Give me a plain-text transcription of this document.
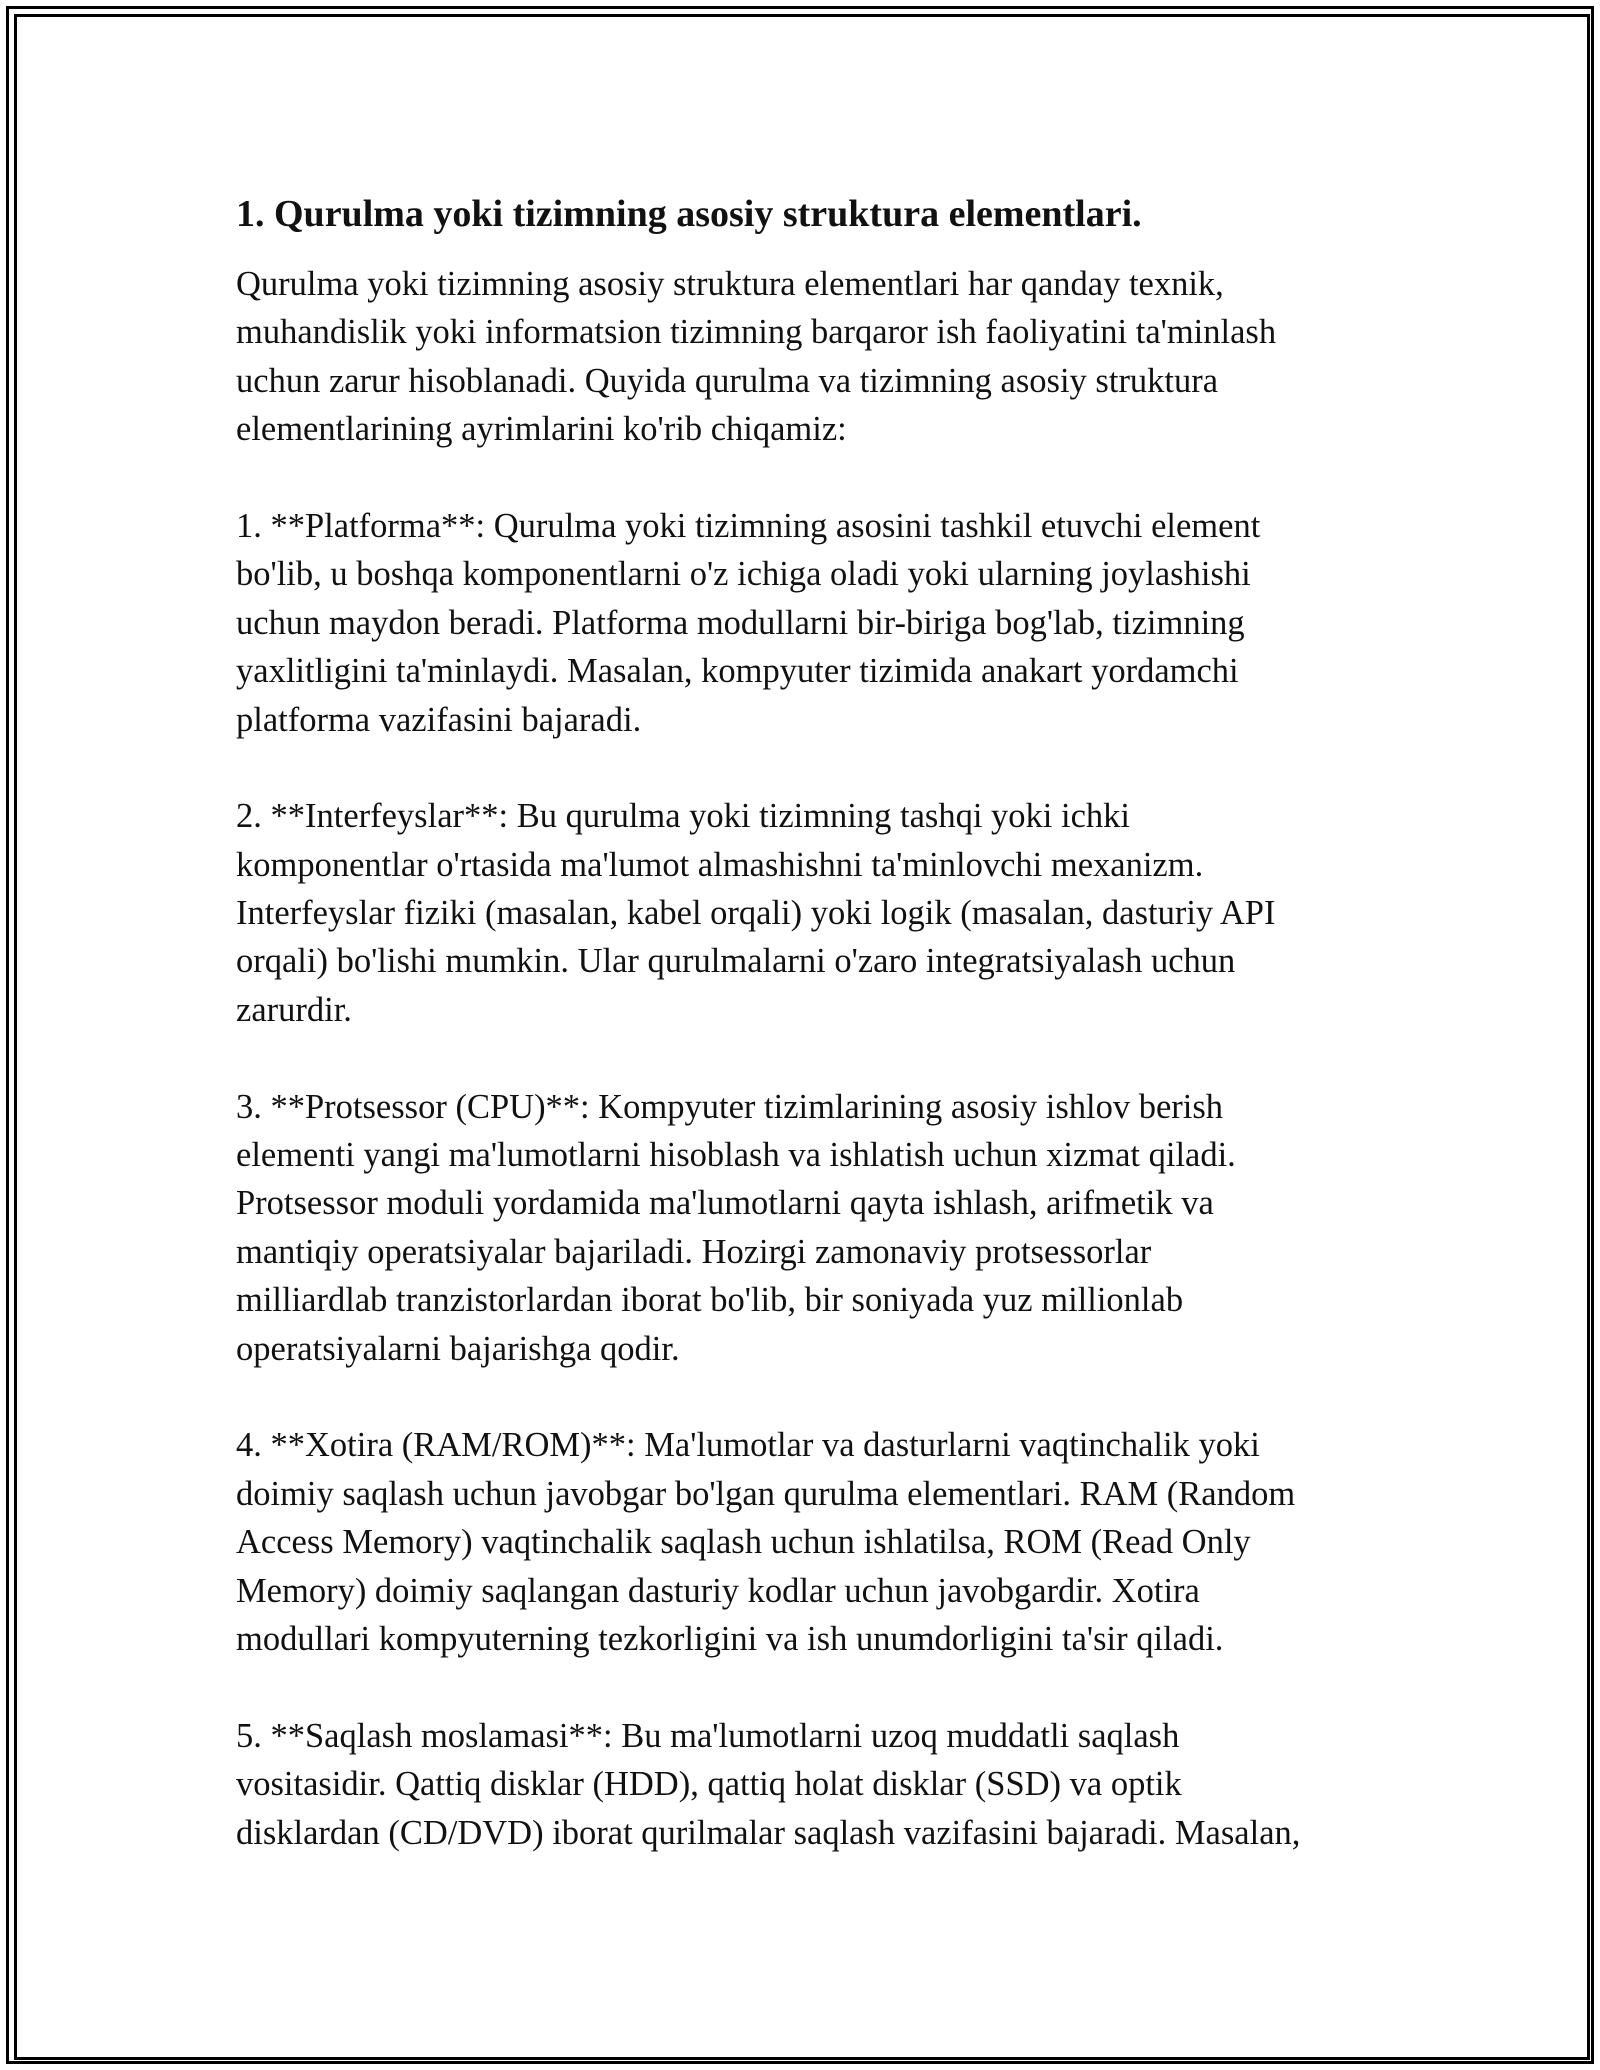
1. Qurulma yoki tizimning asosiy struktura elementlari.
Qurulma yoki tizimning asosiy struktura elementlari har qanday texnik,
muhandislik yoki informatsion tizimning barqaror ish faoliyatini ta'minlash
uchun zarur hisoblanadi. Quyida qurulma va tizimning asosiy struktura
elementlarining ayrimlarini ko'rib chiqamiz:
1. **Platforma**: Qurulma yoki tizimning asosini tashkil etuvchi element
bo'lib, u boshqa komponentlarni o'z ichiga oladi yoki ularning joylashishi
uchun maydon beradi. Platforma modullarni bir-biriga bog'lab, tizimning
yaxlitligini ta'minlaydi. Masalan, kompyuter tizimida anakart yordamchi
platforma vazifasini bajaradi.
2. **Interfeyslar**: Bu qurulma yoki tizimning tashqi yoki ichki
komponentlar o'rtasida ma'lumot almashishni ta'minlovchi mexanizm.
Interfeyslar fiziki (masalan, kabel orqali) yoki logik (masalan, dasturiy API
orqali) bo'lishi mumkin. Ular qurulmalarni o'zaro integratsiyalash uchun
zarurdir.
3. **Protsessor (CPU)**: Kompyuter tizimlarining asosiy ishlov berish
elementi yangi ma'lumotlarni hisoblash va ishlatish uchun xizmat qiladi.
Protsessor moduli yordamida ma'lumotlarni qayta ishlash, arifmetik va
mantiqiy operatsiyalar bajariladi. Hozirgi zamonaviy protsessorlar
milliardlab tranzistorlardan iborat bo'lib, bir soniyada yuz millionlab
operatsiyalarni bajarishga qodir.
4. **Xotira (RAM/ROM)**: Ma'lumotlar va dasturlarni vaqtinchalik yoki
doimiy saqlash uchun javobgar bo'lgan qurulma elementlari. RAM (Random
Access Memory) vaqtinchalik saqlash uchun ishlatilsa, ROM (Read Only
Memory) doimiy saqlangan dasturiy kodlar uchun javobgardir. Xotira
modullari kompyuterning tezkorligini va ish unumdorligini ta'sir qiladi.
5. **Saqlash moslamasi**: Bu ma'lumotlarni uzoq muddatli saqlash
vositasidir. Qattiq disklar (HDD), qattiq holat disklar (SSD) va optik
disklardan (CD/DVD) iborat qurilmalar saqlash vazifasini bajaradi. Masalan,
